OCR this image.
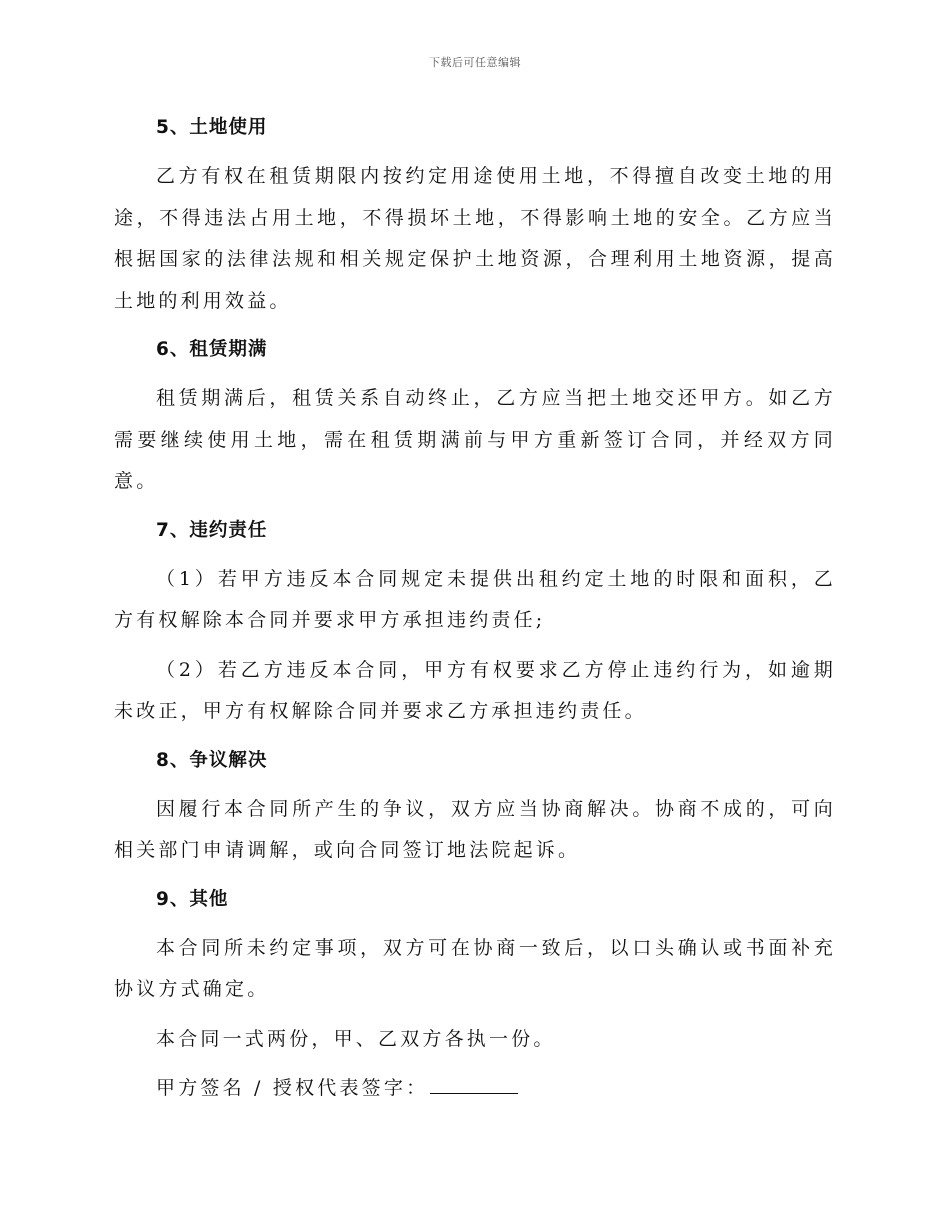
下载后可任意编辑

5、土地使用

乙方有权在租赁期限内按约定用途使用土地，不得擅自改变土地的用途，不得违法占用土地，不得损坏土地，不得影响土地的安全。乙方应当根据国家的法律法规和相关规定保护土地资源，合理利用土地资源，提高土地的利用效益。

6、租赁期满

租赁期满后，租赁关系自动终止，乙方应当把土地交还甲方。如乙方需要继续使用土地，需在租赁期满前与甲方重新签订合同，并经双方同意。

7、违约责任

（1）若甲方违反本合同规定未提供出租约定土地的时限和面积，乙方有权解除本合同并要求甲方承担违约责任;

（2）若乙方违反本合同，甲方有权要求乙方停止违约行为，如逾期未改正，甲方有权解除合同并要求乙方承担违约责任。

8、争议解决

因履行本合同所产生的争议，双方应当协商解决。协商不成的，可向相关部门申请调解，或向合同签订地法院起诉。

9、其他

本合同所未约定事项，双方可在协商一致后，以口头确认或书面补充协议方式确定。

本合同一式两份，甲、乙双方各执一份。

甲方签名 / 授权代表签字：
